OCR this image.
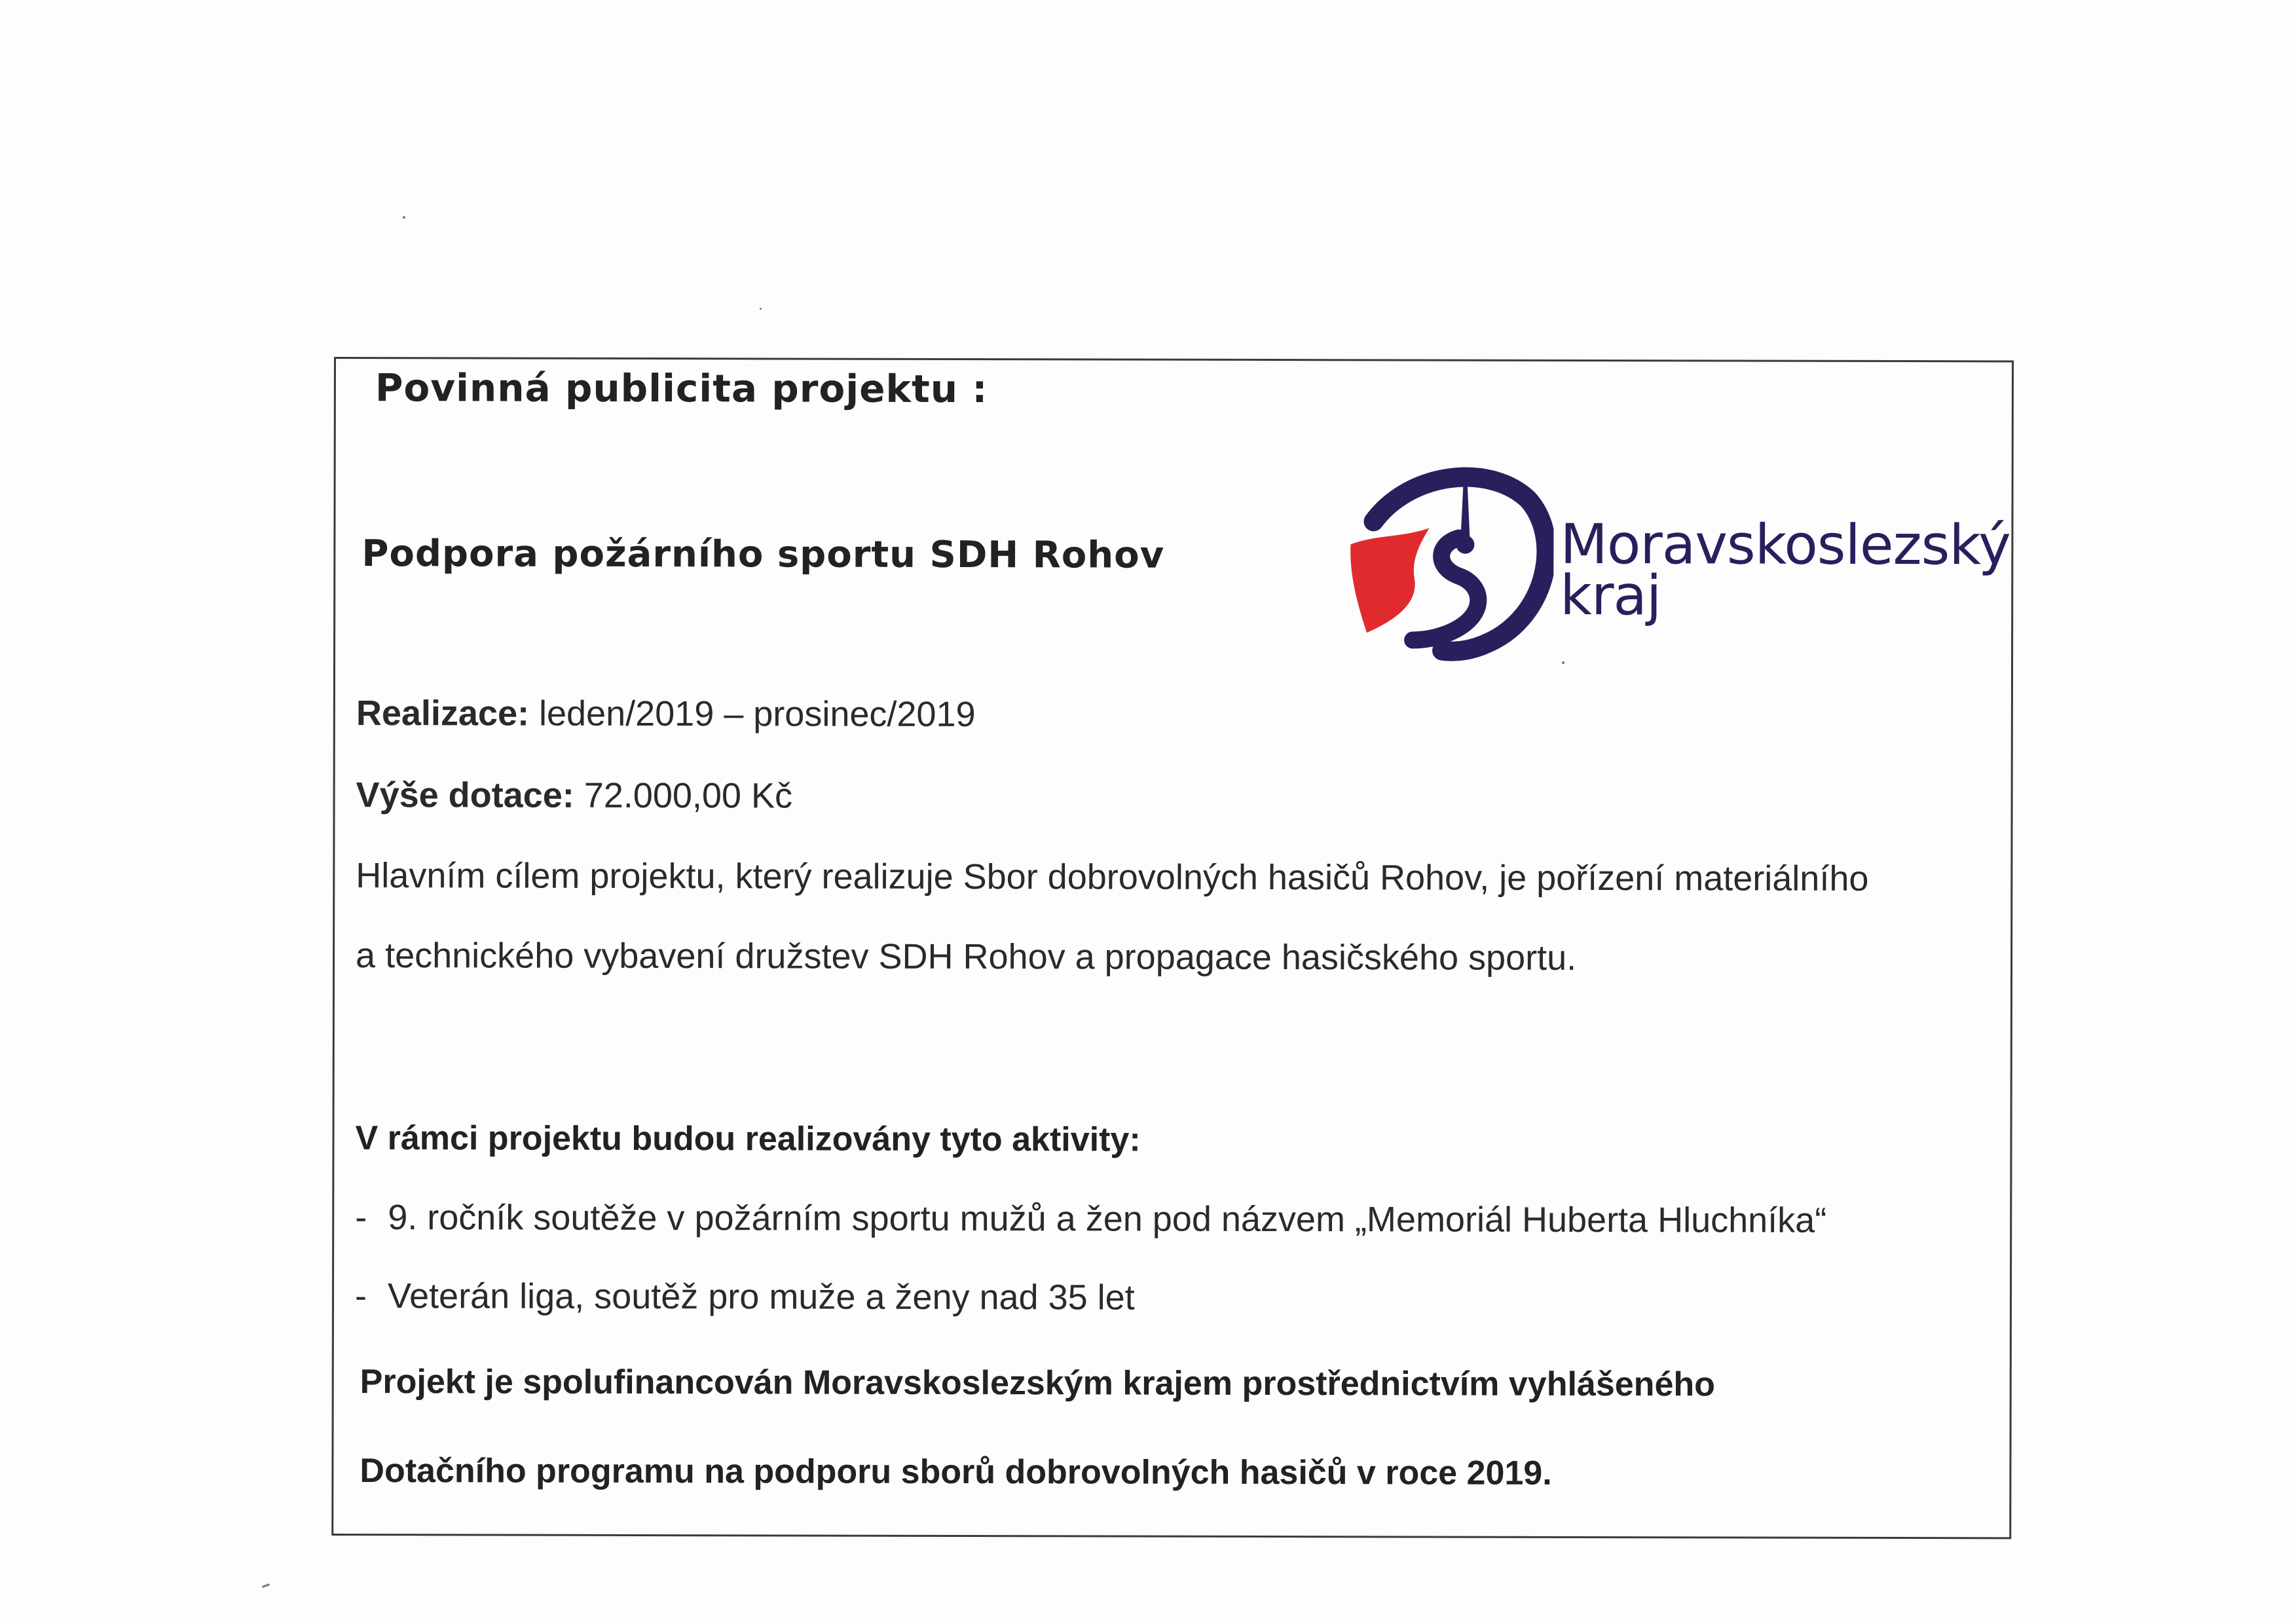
Povinná publicita projektu :
Podpora požárního sportu SDH Rohov	Moravskoslezský
kraj
Realizace: leden/2019 – prosinec/2019
Výše dotace: 72.000,00 Kč
Hlavním cílem projektu, který realizuje Sbor dobrovolných hasičů Rohov, je pořízení materiálního
a technického vybavení družstev SDH Rohov a propagace hasičského sportu.
V rámci projektu budou realizovány tyto aktivity:
- 9. ročník soutěže v požárním sportu mužů a žen pod názvem „Memoriál Huberta Hluchníka“
- Veterán liga, soutěž pro muže a ženy nad 35 let
Projekt je spolufinancován Moravskoslezským krajem prostřednictvím vyhlášeného
Dotačního programu na podporu sborů dobrovolných hasičů v roce 2019.
